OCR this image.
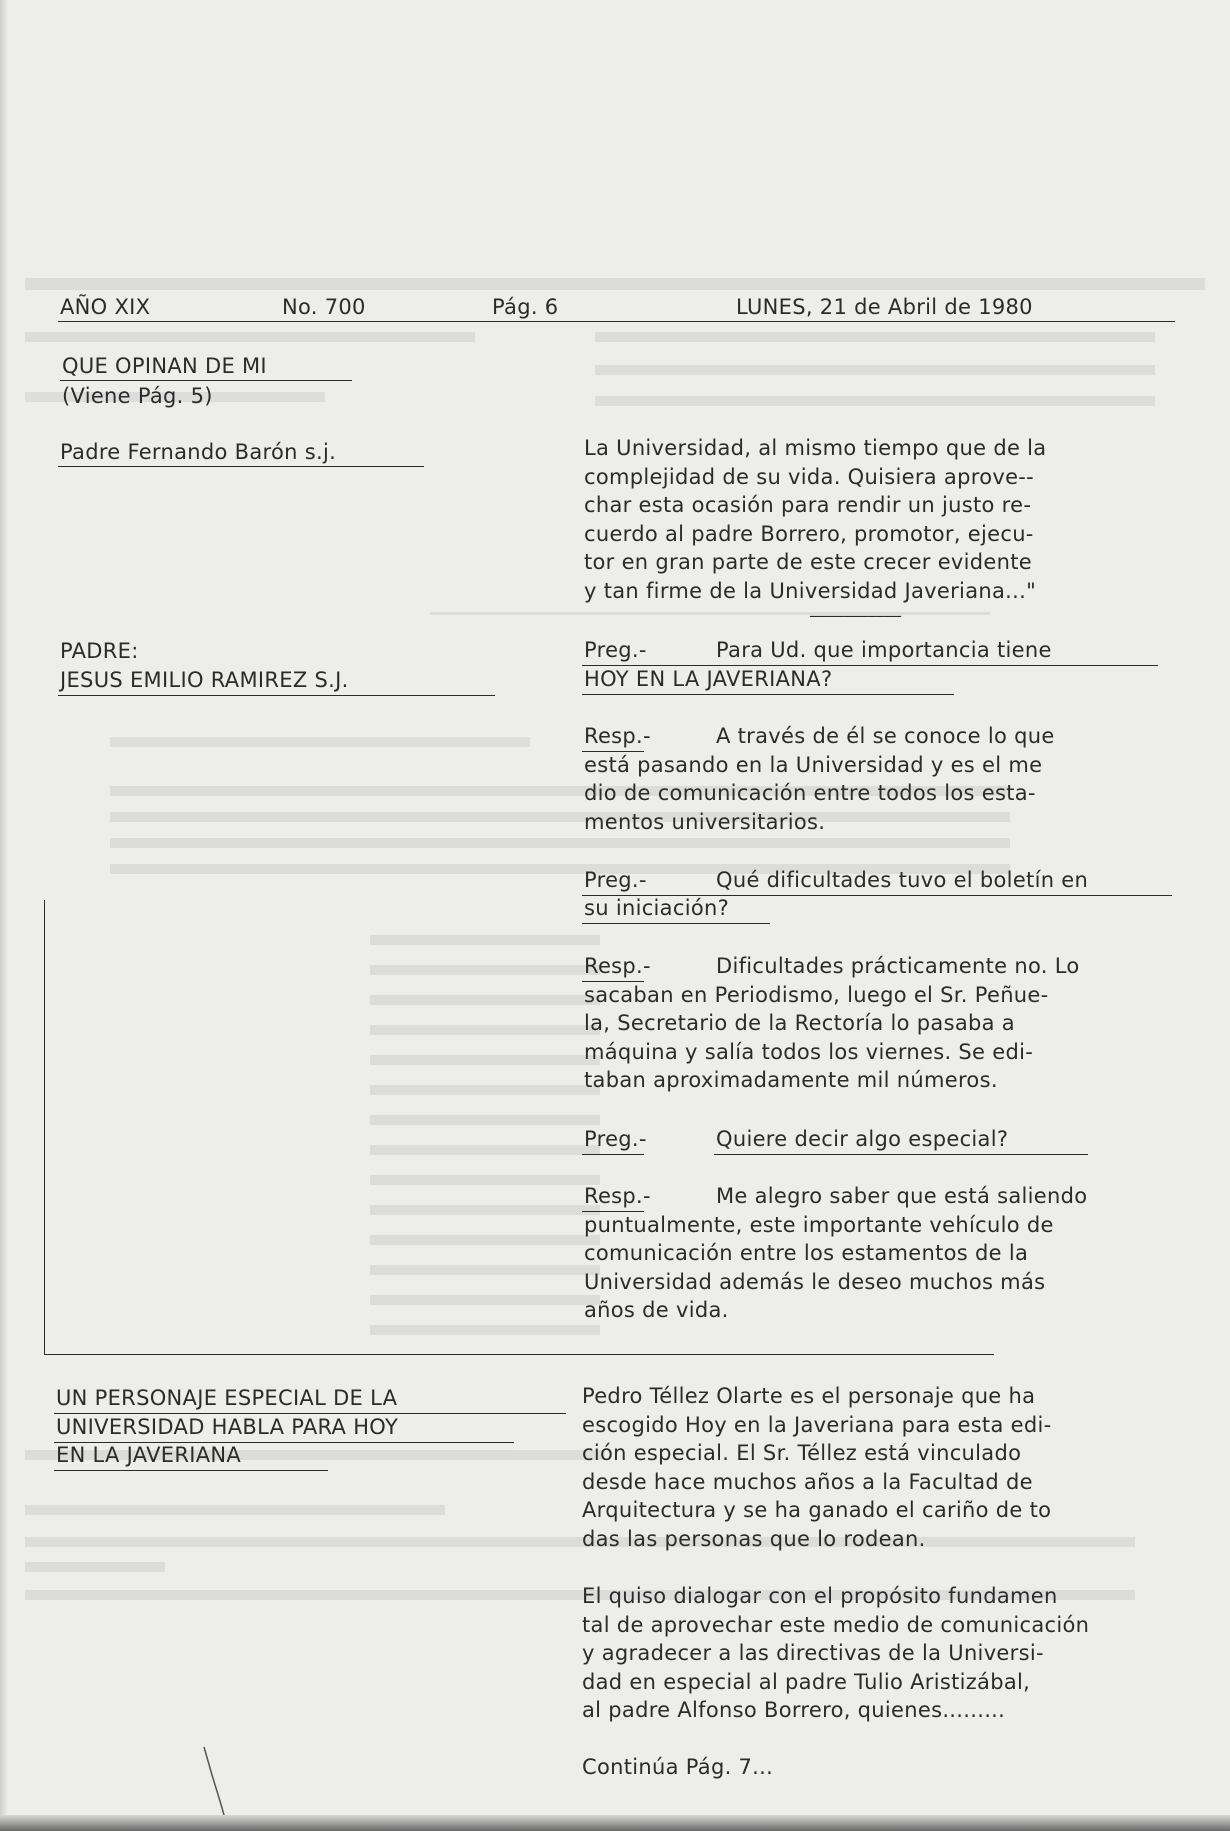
AÑO XIX	No. 700	Pág. 6	LUNES, 21 de Abril de 1980
QUE OPINAN DE MI
(Viene Pág. 5)
Padre Fernando Barón s.j.	La Universidad, al mismo tiempo que de la
complejidad de su vida. Quisiera aprove--
char esta ocasión para rendir un justo re-
cuerdo al padre Borrero, promotor, ejecu-
tor en gran parte de este crecer evidente
y tan firme de la Universidad Javeriana..."
___________
PADRE:
JESUS EMILIO RAMIREZ S.J.
Preg.-	Para Ud. que importancia tiene
HOY EN LA JAVERIANA?
Resp.-	A través de él se conoce lo que
está pasando en la Universidad y es el me
dio de comunicación entre todos los esta-
mentos universitarios.
Preg.-	Qué dificultades tuvo el boletín en
su iniciación?
Resp.-	Dificultades prácticamente no. Lo
sacaban en Periodismo, luego el Sr. Peñue-
la, Secretario de la Rectoría lo pasaba a
máquina y salía todos los viernes. Se edi-
taban aproximadamente mil números.
Preg.-	Quiere decir algo especial?
Resp.-	Me alegro saber que está saliendo
puntualmente, este importante vehículo de
comunicación entre los estamentos de la
Universidad además le deseo muchos más
años de vida.
UN PERSONAJE ESPECIAL DE LA
UNIVERSIDAD HABLA PARA HOY
EN LA JAVERIANA
Pedro Téllez Olarte es el personaje que ha
escogido Hoy en la Javeriana para esta edi-
ción especial. El Sr. Téllez está vinculado
desde hace muchos años a la Facultad de
Arquitectura y se ha ganado el cariño de to
das las personas que lo rodean.
El quiso dialogar con el propósito fundamen
tal de aprovechar este medio de comunicación
y agradecer a las directivas de la Universi-
dad en especial al padre Tulio Aristizábal,
al padre Alfonso Borrero, quienes.........
Continúa Pág. 7...
